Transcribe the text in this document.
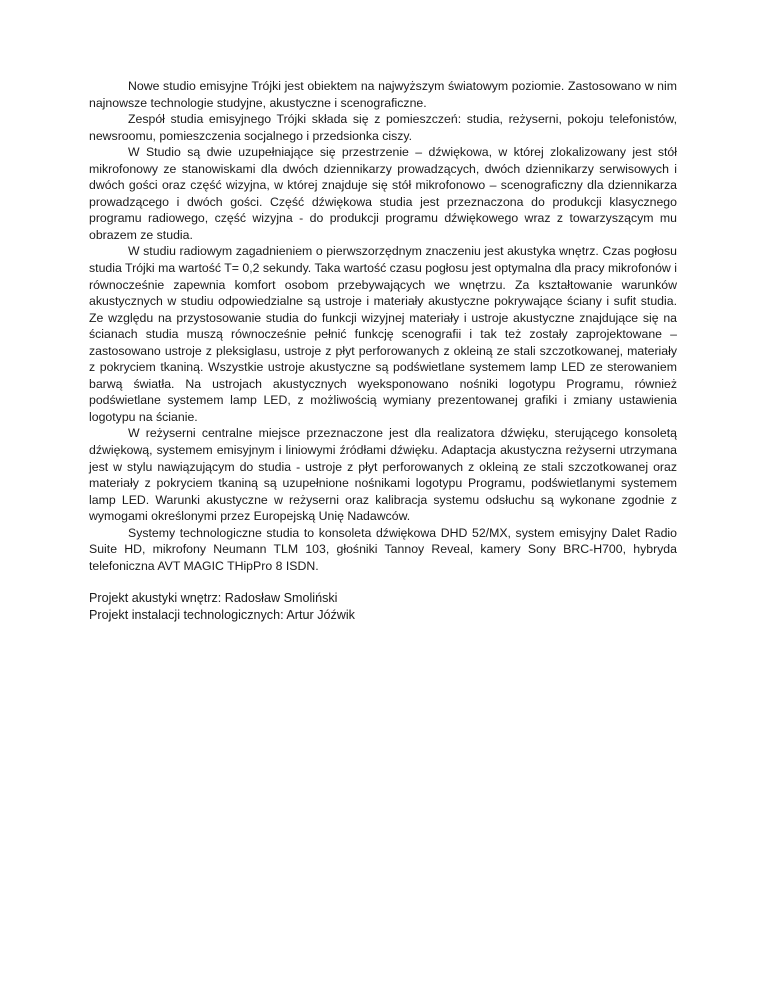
Nowe studio emisyjne Trójki jest obiektem na najwyższym światowym poziomie. Zastosowano w nim najnowsze technologie studyjne, akustyczne i scenograficzne.

Zespół studia emisyjnego Trójki składa się z pomieszczeń: studia, reżyserni, pokoju telefonistów, newsroomu, pomieszczenia socjalnego i przedsionka ciszy.

W Studio są dwie uzupełniające się przestrzenie – dźwiękowa, w której zlokalizowany jest stół mikrofonowy ze stanowiskami dla dwóch dziennikarzy prowadzących, dwóch dziennikarzy serwisowych i dwóch gości oraz część wizyjna, w której znajduje się stół mikrofonowo – scenograficzny dla dziennikarza prowadzącego i dwóch gości. Część dźwiękowa studia jest przeznaczona do produkcji klasycznego programu radiowego, część wizyjna - do produkcji programu dźwiękowego wraz z towarzyszącym mu obrazem ze studia.

W studiu radiowym zagadnieniem o pierwszorzędnym znaczeniu jest akustyka wnętrz. Czas pogłosu studia Trójki ma wartość T= 0,2 sekundy. Taka wartość czasu pogłosu jest optymalna dla pracy mikrofonów i równocześnie zapewnia komfort osobom przebywających we wnętrzu. Za kształtowanie warunków akustycznych w studiu odpowiedzialne są ustroje i materiały akustyczne pokrywające ściany i sufit studia. Ze względu na przystosowanie studia do funkcji wizyjnej materiały i ustroje akustyczne znajdujące się na ścianach studia muszą równocześnie pełnić funkcję scenografii i tak też zostały zaprojektowane – zastosowano ustroje z pleksiglasu, ustroje z płyt perforowanych z okleiną ze stali szczotkowanej, materiały z pokryciem tkaniną. Wszystkie ustroje akustyczne są podświetlane systemem lamp LED ze sterowaniem barwą światła. Na ustrojach akustycznych wyeksponowano nośniki logotypu Programu, również podświetlane systemem lamp LED, z możliwością wymiany prezentowanej grafiki i zmiany ustawienia logotypu na ścianie.

W reżyserni centralne miejsce przeznaczone jest dla realizatora dźwięku, sterującego konsoletą dźwiękową, systemem emisyjnym i liniowymi źródłami dźwięku. Adaptacja akustyczna reżyserni utrzymana jest w stylu nawiązującym do studia - ustroje z płyt perforowanych z okleiną ze stali szczotkowanej oraz materiały z pokryciem tkaniną są uzupełnione nośnikami logotypu Programu, podświetlanymi systemem lamp LED. Warunki akustyczne w reżyserni oraz kalibracja systemu odsłuchu są wykonane zgodnie z wymogami określonymi przez Europejską Unię Nadawców.

Systemy technologiczne studia to konsoleta dźwiękowa DHD 52/MX, system emisyjny Dalet Radio Suite HD, mikrofony Neumann TLM 103, głośniki Tannoy Reveal, kamery Sony BRC-H700, hybryda telefoniczna AVT MAGIC THipPro 8 ISDN.

Projekt akustyki wnętrz: Radosław Smoliński

Projekt instalacji technologicznych: Artur Jóźwik
